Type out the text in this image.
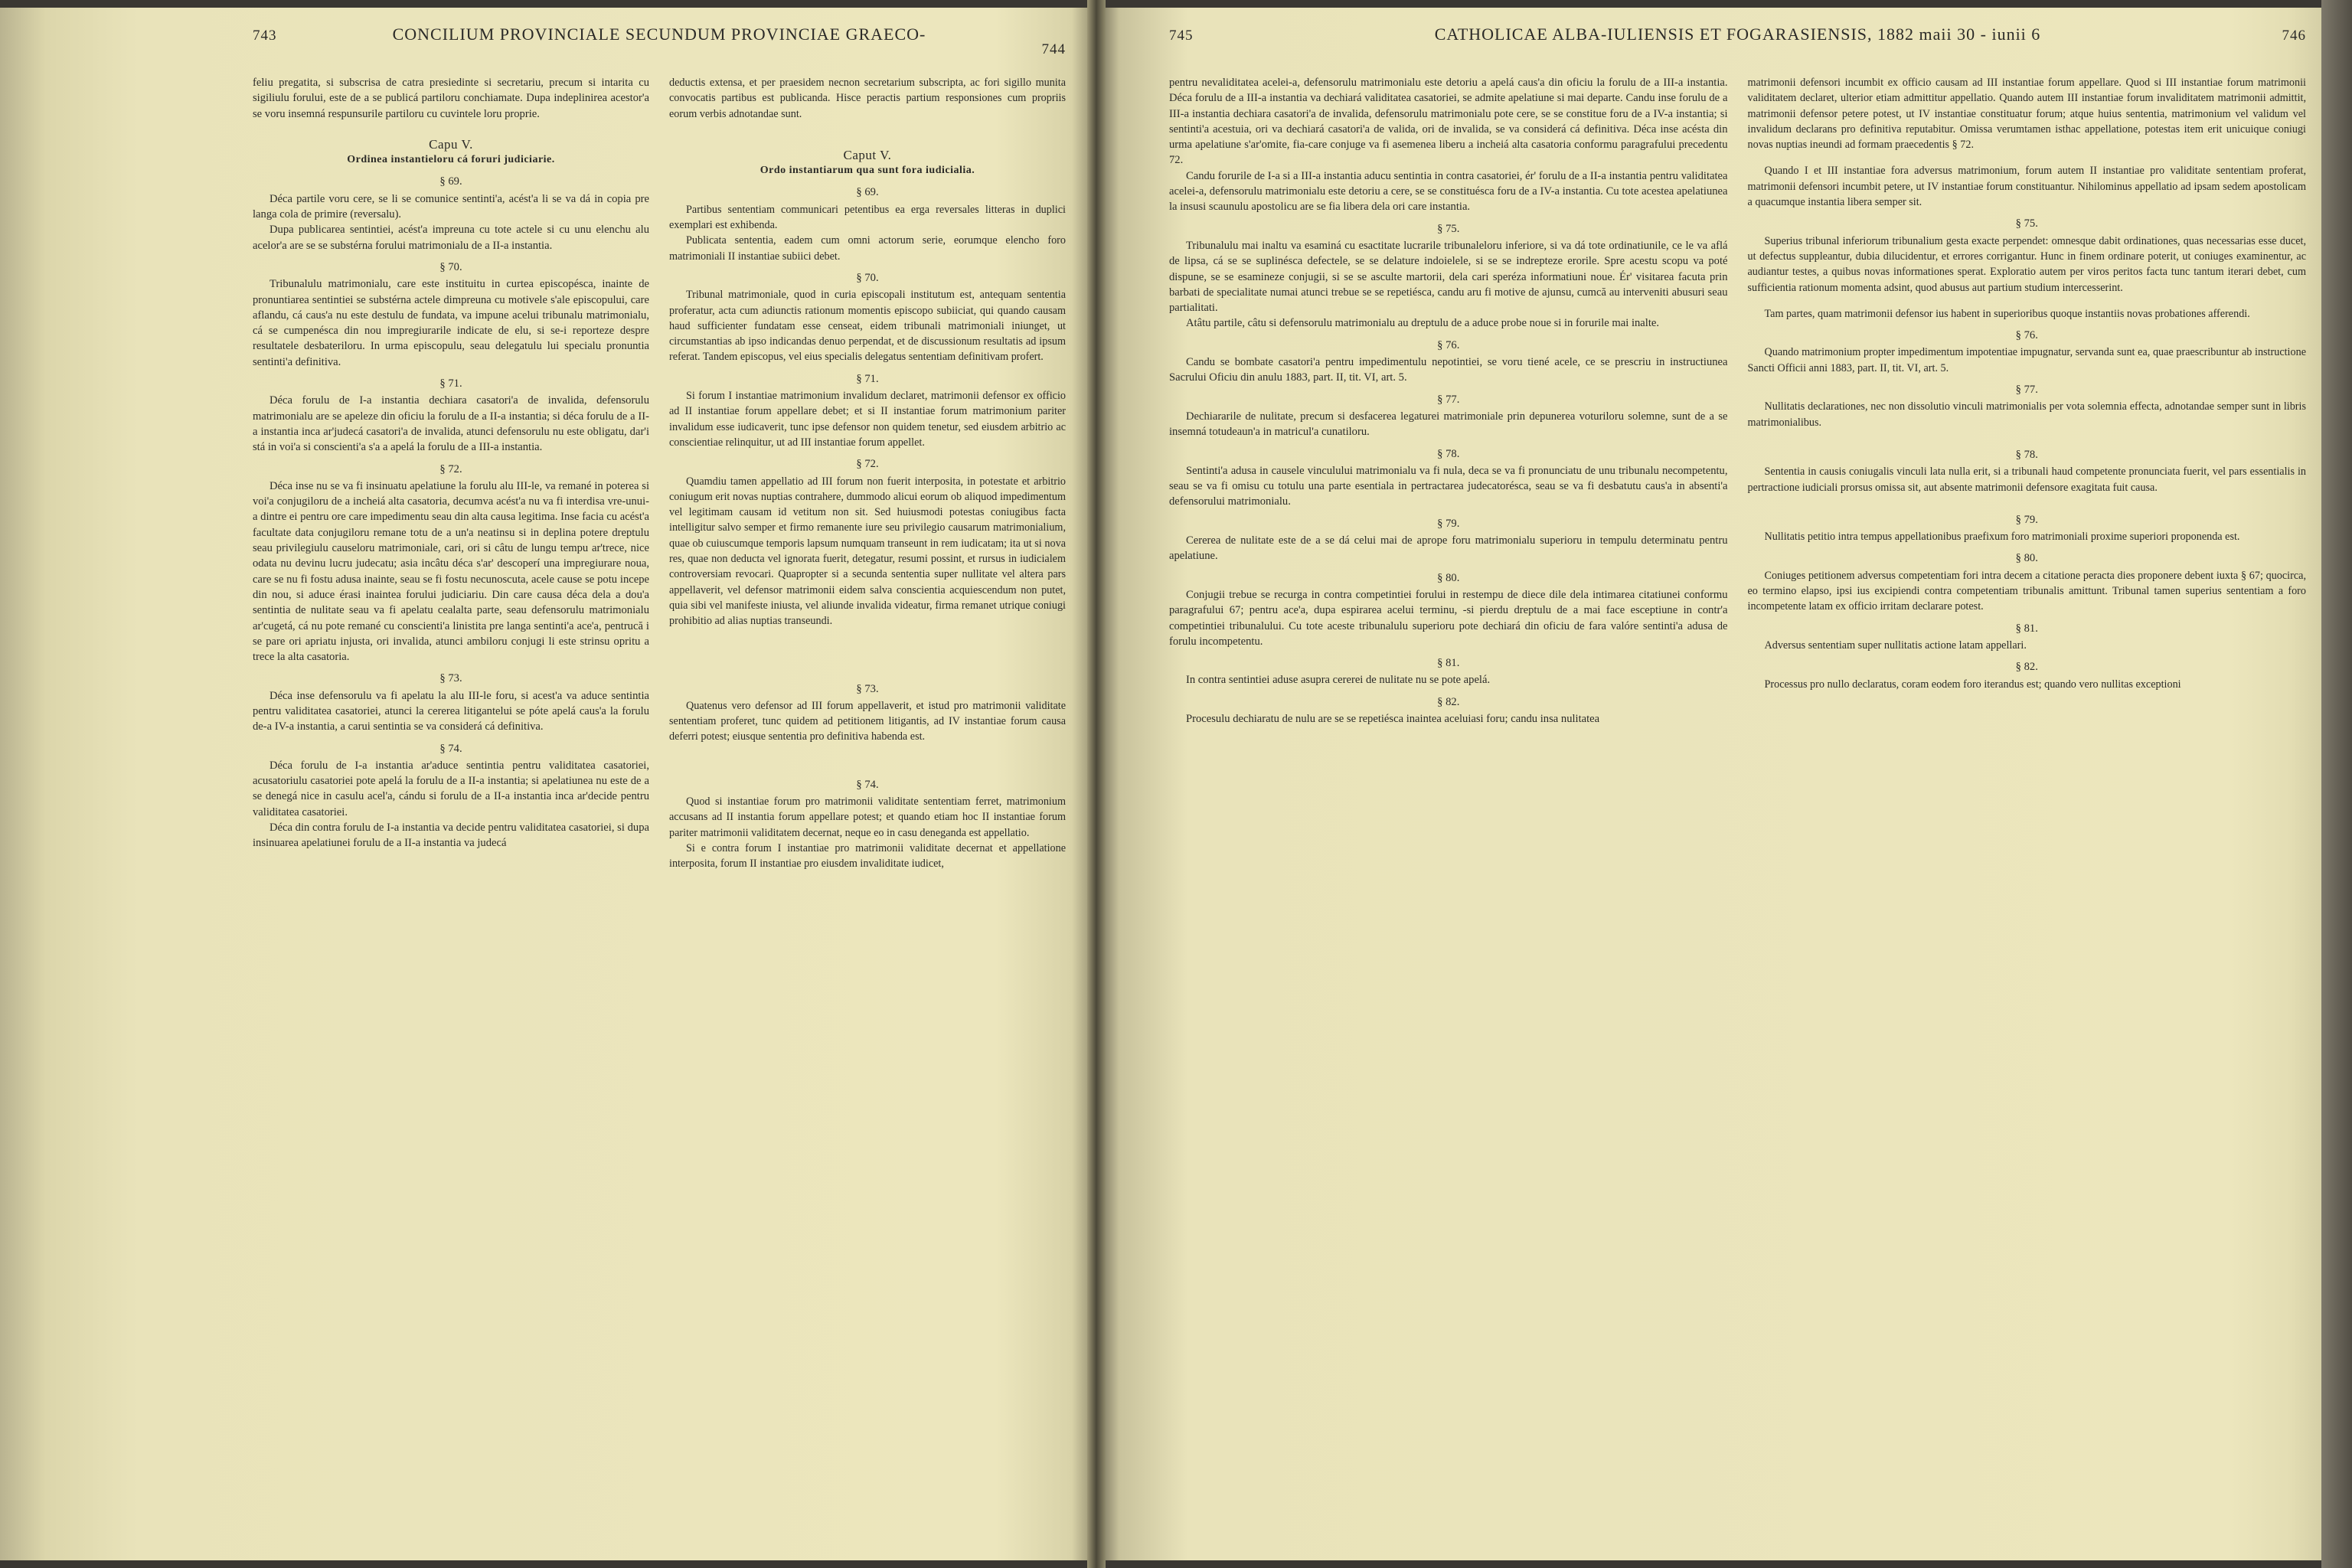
743	CONCILIUM PROVINCIALE SECUNDUM PROVINCIAE GRAECO-
744

feliu pregatita, si subscrisa de catra presiedinte si secretariu, precum si intarita cu sigiliulu forului, este de a se publicá partiloru conchiamate. Dupa indeplinirea acestor'a se voru insemná respunsurile partiloru cu cuvintele loru proprie.

Capu V.
Ordinea instantieloru cá foruri judiciarie.
§ 69.

Déca partile voru cere, se li se comunice sentinti'a, acést'a li se va dá in copia pre langa cola de primire (reversalu).

Dupa publicarea sentintiei, acést'a impreuna cu tote actele si cu unu elenchu alu acelor'a are se se substérna forului matrimonialu de a II-a instantia.

§ 70.

Tribunalulu matrimonialu, care este instituitu in curtea episcopésca, inainte de pronuntiarea sentintiei se substérna actele dimpreuna cu motivele s'ale episcopului, care aflandu, cá caus'a nu este destulu de fundata, va impune acelui tribunalu matrimonialu, cá se cumpenésca din nou impregiurarile indicate de elu, si se-i reporteze despre resultatele desbateriloru. In urma episcopulu, seau delegatulu lui specialu pronuntia sentinti'a definitiva.

§ 71.

Déca forulu de I-a instantia dechiara casatori'a de invalida, defensorulu matrimonialu are se apeleze din oficiu la forulu de a II-a instantia; si déca forulu de a II-a instantia inca ar'judecá casatori'a de invalida, atunci defensorulu nu este obligatu, dar'i stá in voi'a si conscienti'a s'a a apelá la forulu de a III-a instantia.

§ 72.

Déca inse nu se va fi insinuatu apelatiune la forulu alu III-le, va remané in poterea si voi'a conjugiloru de a incheiá alta casatoria, decumva acést'a nu va fi interdisa vre-unui-a dintre ei pentru ore care impedimentu seau din alta causa legitima. Inse facia cu acést'a facultate data conjugiloru remane totu de a un'a neatinsu si in deplina potere dreptulu seau privilegiulu causeloru matrimoniale, cari, ori si câtu de lungu tempu ar'trece, nice odata nu devinu lucru judecatu; asia incâtu déca s'ar' descoperí una impregiurare noua, care se nu fi fostu adusa inainte, seau se fi fostu necunoscuta, acele cause se potu incepe din nou, si aduce érasi inaintea forului judiciariu. Din care causa déca dela a dou'a sentintia de nulitate seau va fi apelatu cealalta parte, seau defensorulu matrimonialu ar'cugetá, cá nu pote remané cu conscienti'a linistita pre langa sentinti'a ace'a, pentrucă i se pare ori apriatu injusta, ori invalida, atunci ambiloru conjugi li este strinsu opritu a trece la alta casatoria.

§ 73.

Déca inse defensorulu va fi apelatu la alu III-le foru, si acest'a va aduce sentintia pentru validitatea casatoriei, atunci la cererea litigantelui se póte apelá caus'a la forulu de-a IV-a instantia, a carui sentintia se va considerá cá definitiva.

§ 74.

Déca forulu de I-a instantia ar'aduce sentintia pentru validitatea casatoriei, acusatoriulu casatoriei pote apelá la forulu de a II-a instantia; si apelatiunea nu este de a se denegá nice in casulu acel'a, cándu si forulu de a II-a instantia inca ar'decide pentru validitatea casatoriei.

Déca din contra forulu de I-a instantia va decide pentru validitatea casatoriei, si dupa insinuarea apelatiunei forulu de a II-a instantia va judecá

deductis extensa, et per praesidem necnon secretarium subscripta, ac fori sigillo munita convocatis partibus est publicanda. Hisce peractis partium responsiones cum propriis eorum verbis adnotandae sunt.

Caput V.
Ordo instantiarum qua sunt fora iudicialia.
§ 69.

Partibus sententiam communicari petentibus ea erga reversales litteras in duplici exemplari est exhibenda.

Publicata sententia, eadem cum omni actorum serie, eorumque elencho foro matrimoniali II instantiae subiici debet.

§ 70.

Tribunal matrimoniale, quod in curia episcopali institutum est, antequam sententia proferatur, acta cum adiunctis rationum momentis episcopo subiiciat, qui quando causam haud sufficienter fundatam esse censeat, eidem tribunali matrimoniali iniunget, ut circumstantias ab ipso indicandas denuo perpendat, et de discussionum resultatis ad ipsum referat. Tandem episcopus, vel eius specialis delegatus sententiam definitivam profert.

§ 71.

Si forum I instantiae matrimonium invalidum declaret, matrimonii defensor ex officio ad II instantiae forum appellare debet; et si II instantiae forum matrimonium pariter invalidum esse iudicaverit, tunc ipse defensor non quidem tenetur, sed eiusdem arbitrio ac conscientiae relinquitur, ut ad III instantiae forum appellet.

§ 72.

Quamdiu tamen appellatio ad III forum non fuerit interposita, in potestate et arbitrio coniugum erit novas nuptias contrahere, dummodo alicui eorum ob aliquod impedimentum vel legitimam causam id vetitum non sit. Sed huiusmodi potestas coniugibus facta intelligitur salvo semper et firmo remanente iure seu privilegio causarum matrimonialium, quae ob cuiuscumque temporis lapsum numquam transeunt in rem iudicatam; ita ut si nova res, quae non deducta vel ignorata fuerit, detegatur, resumi possint, et rursus in iudicialem controversiam revocari. Quapropter si a secunda sententia super nullitate vel altera pars appellaverit, vel defensor matrimonii eidem salva conscientia acquiescendum non putet, quia sibi vel manifeste iniusta, vel aliunde invalida videatur, firma remanet utrique coniugi prohibitio ad alias nuptias transeundi.

§ 73.

Quatenus vero defensor ad III forum appellaverit, et istud pro matrimonii validitate sententiam proferet, tunc quidem ad petitionem litigantis, ad IV instantiae forum causa deferri potest; eiusque sententia pro definitiva habenda est.

§ 74.

Quod si instantiae forum pro matrimonii validitate sententiam ferret, matrimonium accusans ad II instantia forum appellare potest; et quando etiam hoc II instantiae forum pariter matrimonii validitatem decernat, neque eo in casu deneganda est appellatio.

Si e contra forum I instantiae pro matrimonii validitate decernat et appellatione interposita, forum II instantiae pro eiusdem invaliditate iudicet,

745	CATHOLICAE ALBA-IULIENSIS ET FOGARASIENSIS, 1882 maii 30 - iunii 6	746

pentru nevaliditatea acelei-a, defensorulu matrimonialu este detoriu a apelá caus'a din oficiu la forulu de a III-a instantia. Déca forulu de a III-a instantia va dechiará validitatea casatoriei, se admite apelatiune si mai departe. Candu inse forulu de a III-a instantia dechiara casatori'a de invalida, defensorulu matrimonialu pote cere, se se constitue foru de a IV-a instantia; si sentinti'a acestuia, ori va dechiará casatori'a de valida, ori de invalida, se va considerá cá definitiva. Déca inse acésta din urma apelatiune s'ar'omite, fia-care conjuge va fi asemenea liberu a incheiá alta casatoria conformu paragrafului precedentu 72.

Candu forurile de I-a si a III-a instantia aducu sentintia in contra casatoriei, ér' forulu de a II-a instantia pentru validitatea acelei-a, defensorulu matrimonialu este detoriu a cere, se se constituésca foru de a IV-a instantia. Cu tote acestea apelatiunea la insusi scaunulu apostolicu are se fia libera dela ori care instantia.

§ 75.

Tribunalulu mai inaltu va esaminá cu esactitate lucrarile tribunaleloru inferiore, si va dá tote ordinatiunile, ce le va aflá de lipsa, cá se se suplinésca defectele, se se delature indoielele, si se se indrepteze erorile. Spre acestu scopu va poté dispune, se se esamineze conjugii, si se se asculte martorii, dela cari speréza informatiuni noue. Ér' visitarea facuta prin barbati de specialitate numai atunci trebue se se repetiésca, candu aru fi motive de ajunsu, cumcă au interveniti abusuri seau partialitati.

Atâtu partile, câtu si defensorulu matrimonialu au dreptulu de a aduce probe noue si in forurile mai inalte.

§ 76.

Candu se bombate casatori'a pentru impedimentulu nepotintiei, se voru tiené acele, ce se prescriu in instructiunea Sacrului Oficiu din anulu 1883, part. II, tit. VI, art. 5.

§ 77.

Dechiararile de nulitate, precum si desfacerea legaturei matrimoniale prin depunerea voturiloru solemne, sunt de a se insemná totudeaun'a in matricul'a cunatiloru.

§ 78.

Sentinti'a adusa in causele vinculului matrimonialu va fi nula, deca se va fi pronunciatu de unu tribunalu necompetentu, seau se va fi omisu cu totulu una parte esentiala in pertractarea judecatorésca, seau se va fi desbatutu caus'a in absenti'a defensorului matrimonialu.

§ 79.

Cererea de nulitate este de a se dá celui mai de aprope foru matrimonialu superioru in tempulu determinatu pentru apelatiune.

§ 80.

Conjugii trebue se recurga in contra competintiei forului in restempu de diece dile dela intimarea citatiunei conformu paragrafului 67; pentru ace'a, dupa espirarea acelui terminu, -si pierdu dreptulu de a mai face esceptiune in contr'a competintiei tribunalului. Cu tote aceste tribunalulu superioru pote dechiará din oficiu de fara valóre sentinti'a adusa de forulu incompetentu.

§ 81.

In contra sentintiei aduse asupra cererei de nulitate nu se pote apelá.

§ 82.

Procesulu dechiaratu de nulu are se se repetiésca inaintea aceluiasi foru; candu insa nulitatea

matrimonii defensori incumbit ex officio causam ad III instantiae forum appellare. Quod si III instantiae forum matrimonii validitatem declaret, ulterior etiam admittitur appellatio. Quando autem III instantiae forum invaliditatem matrimonii admittit, matrimonii defensor petere potest, ut IV instantiae constituatur forum; atque huius sententia, matrimonium vel validum vel invalidum declarans pro definitiva reputabitur. Omissa verumtamen isthac appellatione, potestas item erit unicuique coniugi novas nuptias ineundi ad formam praecedentis § 72.

Quando I et III instantiae fora adversus matrimonium, forum autem II instantiae pro validitate sententiam proferat, matrimonii defensori incumbit petere, ut IV instantiae forum constituantur. Nihilominus appellatio ad ipsam sedem apostolicam a quacumque instantia libera semper sit.

§ 75.

Superius tribunal inferiorum tribunalium gesta exacte perpendet: omnesque dabit ordinationes, quas necessarias esse ducet, ut defectus suppleantur, dubia dilucidentur, et errores corrigantur. Hunc in finem ordinare poterit, ut coniuges examinentur, ac audiantur testes, a quibus novas informationes sperat. Exploratio autem per viros peritos facta tunc tantum iterari debet, cum sufficientia rationum momenta adsint, quod abusus aut partium studium intercesserint.

Tam partes, quam matrimonii defensor ius habent in superioribus quoque instantiis novas probationes afferendi.

§ 76.

Quando matrimonium propter impedimentum impotentiae impugnatur, servanda sunt ea, quae praescribuntur ab instructione Sancti Officii anni 1883, part. II, tit. VI, art. 5.

§ 77.

Nullitatis declarationes, nec non dissolutio vinculi matrimonialis per vota solemnia effecta, adnotandae semper sunt in libris matrimonialibus.

§ 78.

Sententia in causis coniugalis vinculi lata nulla erit, si a tribunali haud competente pronunciata fuerit, vel pars essentialis in pertractione iudiciali prorsus omissa sit, aut absente matrimonii defensore exagitata fuit causa.

§ 79.

Nullitatis petitio intra tempus appellationibus praefixum foro matrimoniali proxime superiori proponenda est.

§ 80.

Coniuges petitionem adversus competentiam fori intra decem a citatione peracta dies proponere debent iuxta § 67; quocirca, eo termino elapso, ipsi ius excipiendi contra competentiam tribunalis amittunt. Tribunal tamen superius sententiam a foro incompetente latam ex officio irritam declarare potest.

§ 81.

Adversus sententiam super nullitatis actione latam appellari.

§ 82.

Processus pro nullo declaratus, coram eodem foro iterandus est; quando vero nullitas exceptioni
